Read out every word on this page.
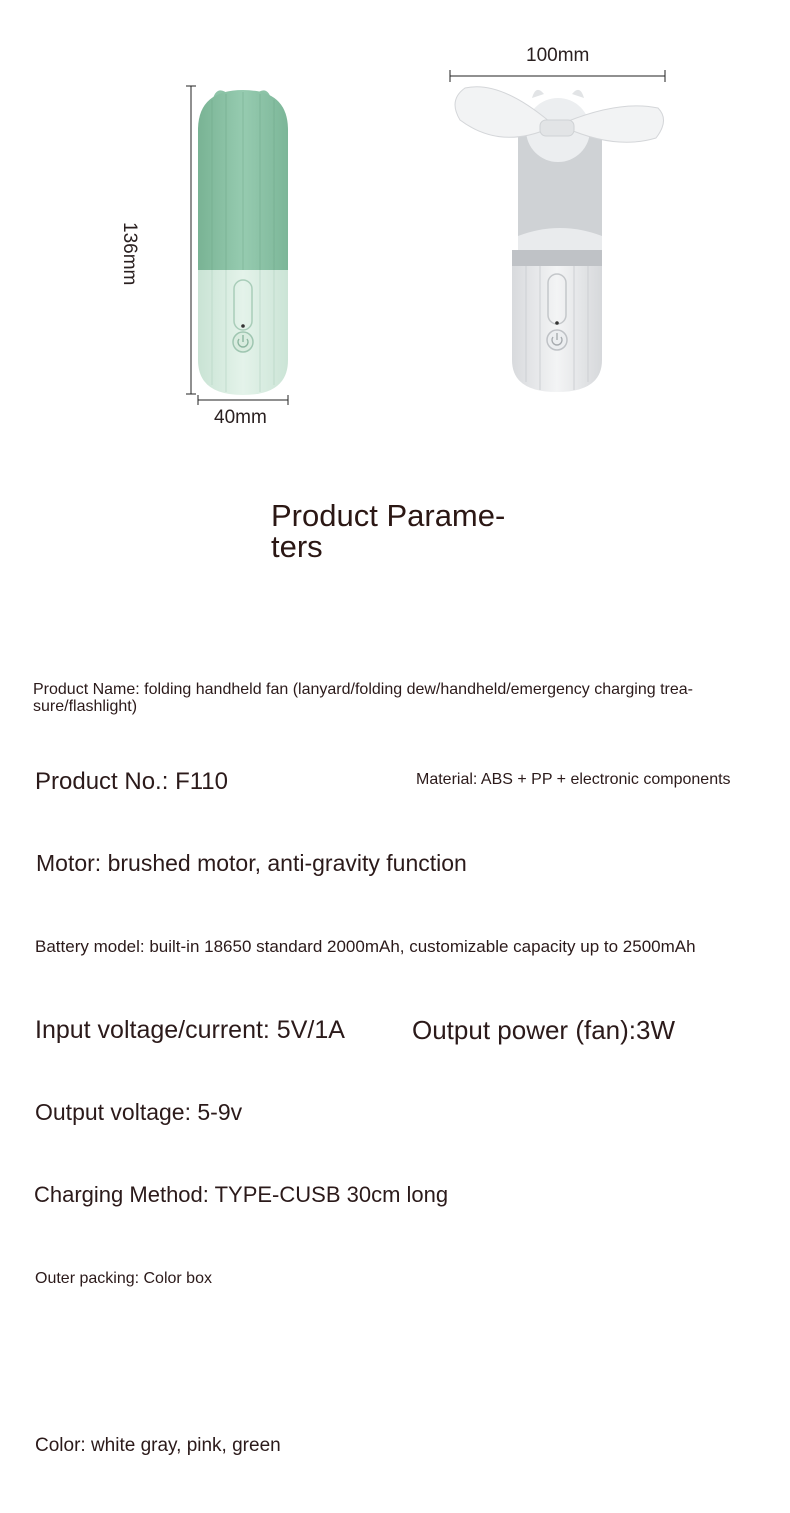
136mm
40mm
100mm
Product Parame- ters
Product Name: folding handheld fan (lanyard/folding dew/handheld/emergency charging trea- sure/flashlight)
Product No.: F110	Material: ABS + PP + electronic components
Motor: brushed motor, anti-gravity function
Battery model: built-in 18650 standard 2000mAh, customizable capacity up to 2500mAh
Input voltage/current: 5V/1A	Output power (fan):3W
Output voltage: 5-9v
Charging Method: TYPE-CUSB 30cm long
Outer packing: Color box
Color: white gray, pink, green
